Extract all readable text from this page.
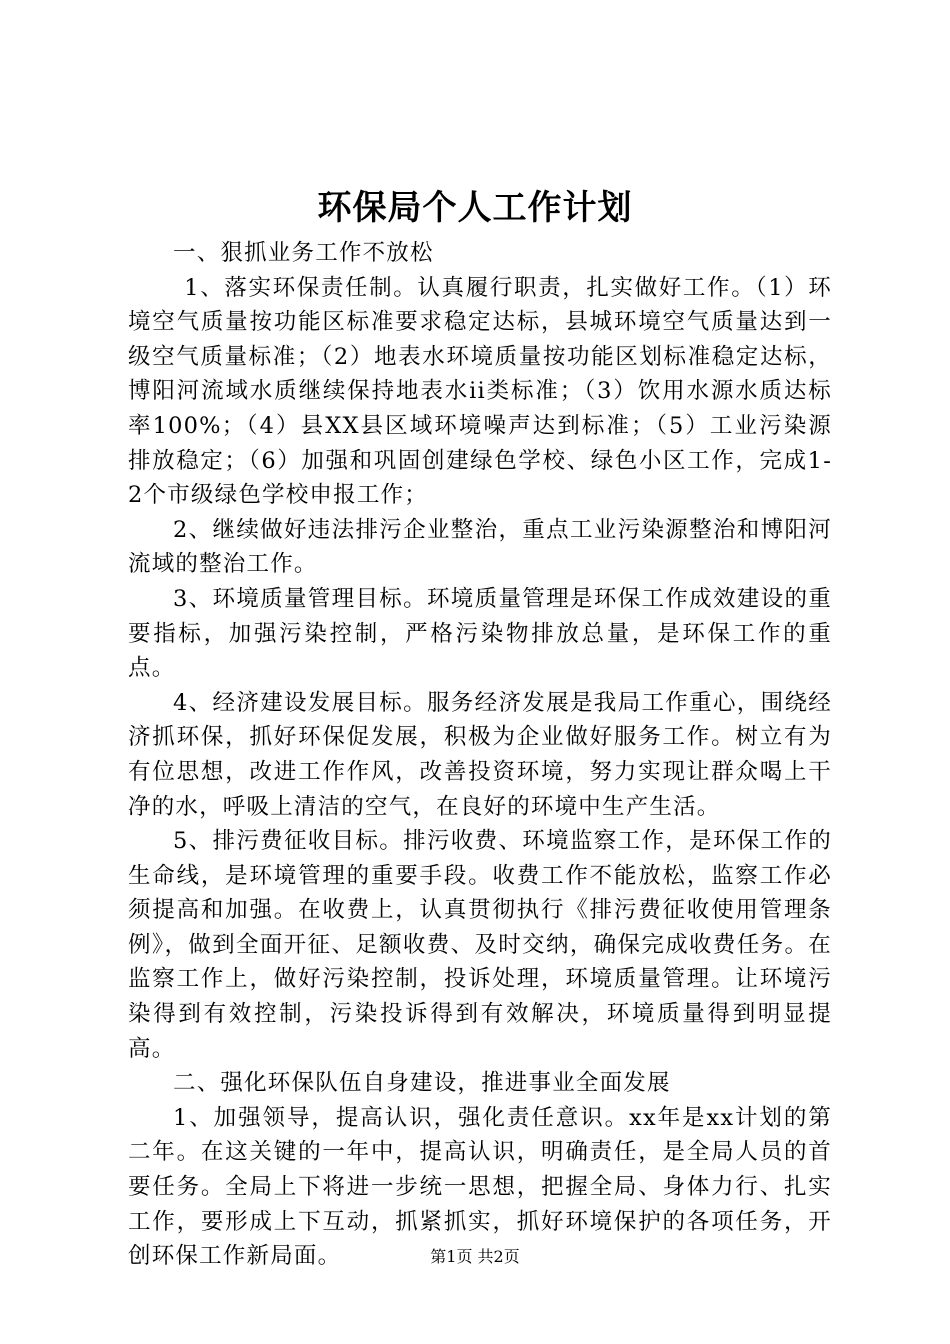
环保局个人工作计划

一、狠抓业务工作不放松

1、落实环保责任制。认真履行职责，扎实做好工作。（1）环境空气质量按功能区标准要求稳定达标，县城环境空气质量达到一级空气质量标准；（2）地表水环境质量按功能区划标准稳定达标，博阳河流域水质继续保持地表水ii类标准；（3）饮用水源水质达标率100%；（4）县XX县区域环境噪声达到标准；（5）工业污染源排放稳定；（6）加强和巩固创建绿色学校、绿色小区工作，完成1-2个市级绿色学校申报工作；

2、继续做好违法排污企业整治，重点工业污染源整治和博阳河流域的整治工作。

3、环境质量管理目标。环境质量管理是环保工作成效建设的重要指标，加强污染控制，严格污染物排放总量，是环保工作的重点。

4、经济建设发展目标。服务经济发展是我局工作重心，围绕经济抓环保，抓好环保促发展，积极为企业做好服务工作。树立有为有位思想，改进工作作风，改善投资环境，努力实现让群众喝上干净的水，呼吸上清洁的空气，在良好的环境中生产生活。

5、排污费征收目标。排污收费、环境监察工作，是环保工作的生命线，是环境管理的重要手段。收费工作不能放松，监察工作必须提高和加强。在收费上，认真贯彻执行《排污费征收使用管理条例》，做到全面开征、足额收费、及时交纳，确保完成收费任务。在监察工作上，做好污染控制，投诉处理，环境质量管理。让环境污染得到有效控制，污染投诉得到有效解决，环境质量得到明显提高。

二、强化环保队伍自身建设，推进事业全面发展

1、加强领导，提高认识，强化责任意识。xx年是xx计划的第二年。在这关键的一年中，提高认识，明确责任，是全局人员的首要任务。全局上下将进一步统一思想，把握全局、身体力行、扎实工作，要形成上下互动，抓紧抓实，抓好环境保护的各项任务，开创环保工作新局面。	第1页 共2页
